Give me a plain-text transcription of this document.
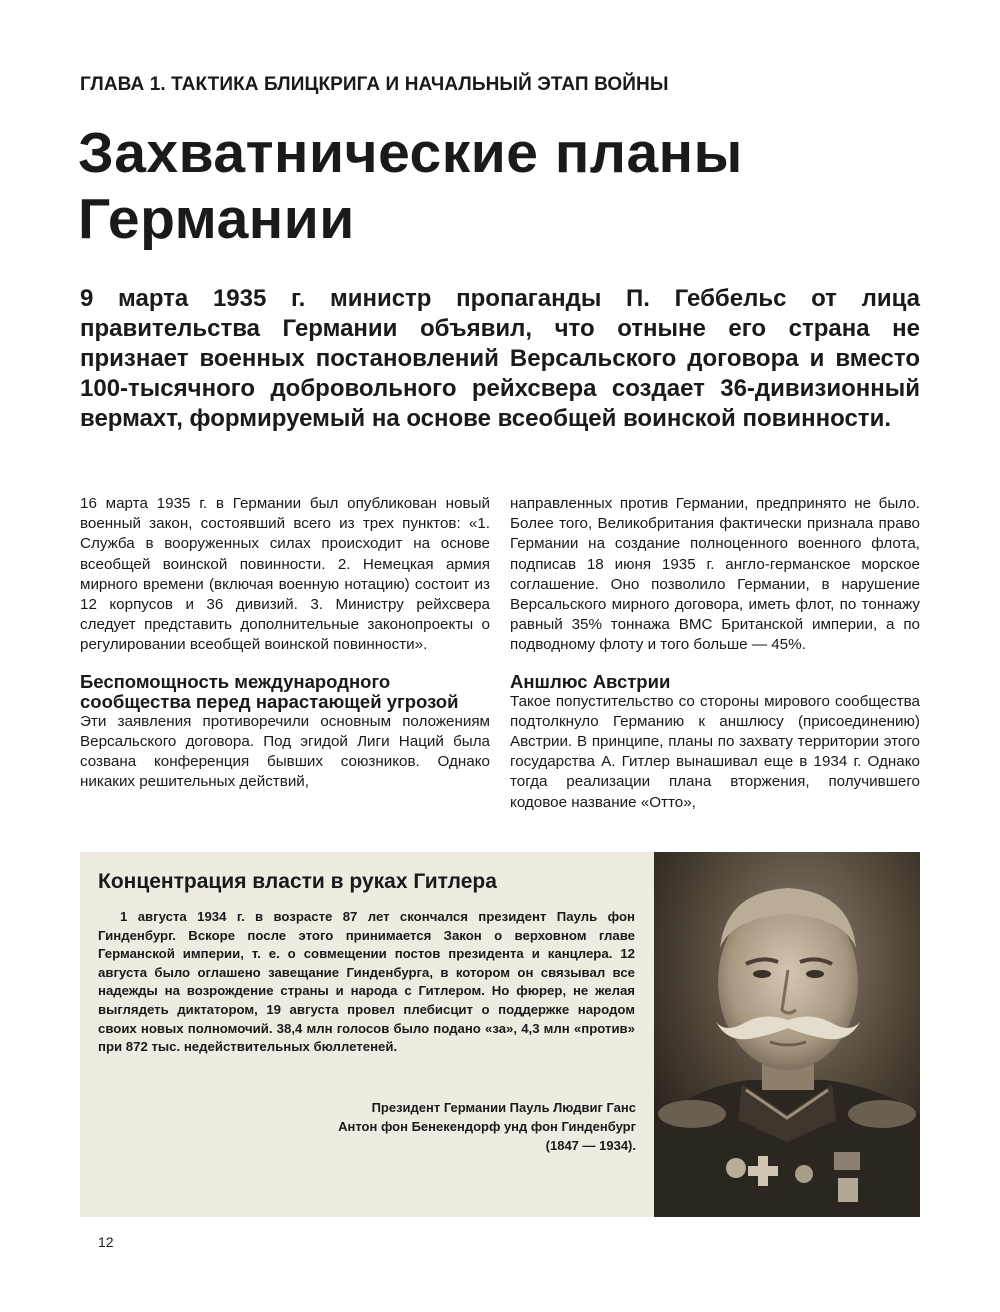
ГЛАВА 1. ТАКТИКА БЛИЦКРИГА И НАЧАЛЬНЫЙ ЭТАП ВОЙНЫ
Захватнические планы
Германии

9 марта 1935 г. министр пропаганды П. Геббельс от лица правительства Германии объявил, что отныне его страна не признает военных постановлений Версальского договора и вместо 100-тысячного добровольного рейхсвера создает 36-дивизионный вермахт, формируемый на основе всеобщей воинской повинности.

16 марта 1935 г. в Германии был опубликован новый военный закон, состоявший всего из трех пунктов: «1. Служба в вооруженных силах происходит на основе всеобщей воинской повинности. 2. Немецкая армия мирного времени (включая военную нотацию) состоит из 12 корпусов и 36 дивизий. 3. Министру рейхсвера следует представить дополнительные законопроекты о регулировании всеобщей воинской повинности».

Беспомощность международного сообщества перед нарастающей угрозой

Эти заявления противоречили основным положениям Версальского договора. Под эгидой Лиги Наций была созвана конференция бывших союзников. Однако никаких решительных действий,

направленных против Германии, предпринято не было. Более того, Великобритания фактически признала право Германии на создание полноценного военного флота, подписав 18 июня 1935 г. англо-германское морское соглашение. Оно позволило Германии, в нарушение Версальского мирного договора, иметь флот, по тоннажу равный 35% тоннажа ВМС Британской империи, а по подводному флоту и того больше — 45%.

Аншлюс Австрии

Такое попустительство со стороны мирового сообщества подтолкнуло Германию к аншлюсу (присоединению) Австрии. В принципе, планы по захвату территории этого государства А. Гитлер вынашивал еще в 1934 г. Однако тогда реализации плана вторжения, получившего кодовое название «Отто»,

Концентрация власти в руках Гитлера

1 августа 1934 г. в возрасте 87 лет скончался президент Пауль фон Гинденбург. Вскоре после этого принимается Закон о верховном главе Германской империи, т. е. о совмещении постов президента и канцлера. 12 августа было оглашено завещание Гинденбурга, в котором он связывал все надежды на возрождение страны и народа с Гитлером. Но фюрер, не желая выглядеть диктатором, 19 августа провел плебисцит о поддержке народом своих новых полномочий. 38,4 млн голосов было подано «за», 4,3 млн «против» при 872 тыс. недействительных бюллетеней.

Президент Германии Пауль Людвиг Ганс Антон фон Бенекендорф унд фон Гинденбург (1847 — 1934).

12
